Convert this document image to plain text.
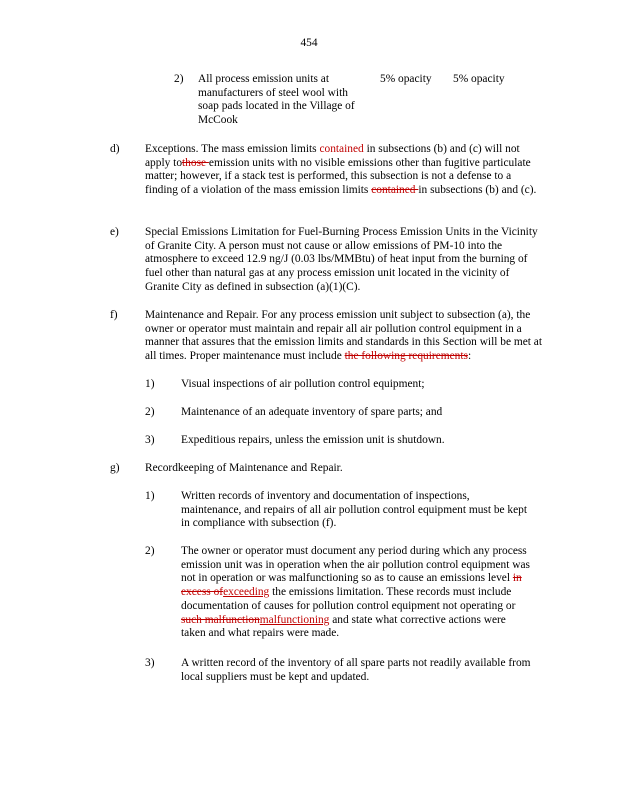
454
2) All process emission units at manufacturers of steel wool with soap pads located in the Village of McCook
5% opacity 5% opacity
d) Exceptions. The mass emission limits contained in subsections (b) and (c) will not apply tothose emission units with no visible emissions other than fugitive particulate matter; however, if a stack test is performed, this subsection is not a defense to a finding of a violation of the mass emission limits contained in subsections (b) and (c).
e) Special Emissions Limitation for Fuel-Burning Process Emission Units in the Vicinity of Granite City. A person must not cause or allow emissions of PM-10 into the atmosphere to exceed 12.9 ng/J (0.03 lbs/MMBtu) of heat input from the burning of fuel other than natural gas at any process emission unit located in the vicinity of Granite City as defined in subsection (a)(1)(C).
f) Maintenance and Repair. For any process emission unit subject to subsection (a), the owner or operator must maintain and repair all air pollution control equipment in a manner that assures that the emission limits and standards in this Section will be met at all times. Proper maintenance must include the following requirements:
1) Visual inspections of air pollution control equipment;
2) Maintenance of an adequate inventory of spare parts; and
3) Expeditious repairs, unless the emission unit is shutdown.
g) Recordkeeping of Maintenance and Repair.
1) Written records of inventory and documentation of inspections, maintenance, and repairs of all air pollution control equipment must be kept in compliance with subsection (f).
2) The owner or operator must document any period during which any process emission unit was in operation when the air pollution control equipment was not in operation or was malfunctioning so as to cause an emissions level in excess ofexceeding the emissions limitation. These records must include documentation of causes for pollution control equipment not operating or such malfunctionmalfunctioning and state what corrective actions were taken and what repairs were made.
3) A written record of the inventory of all spare parts not readily available from local suppliers must be kept and updated.
